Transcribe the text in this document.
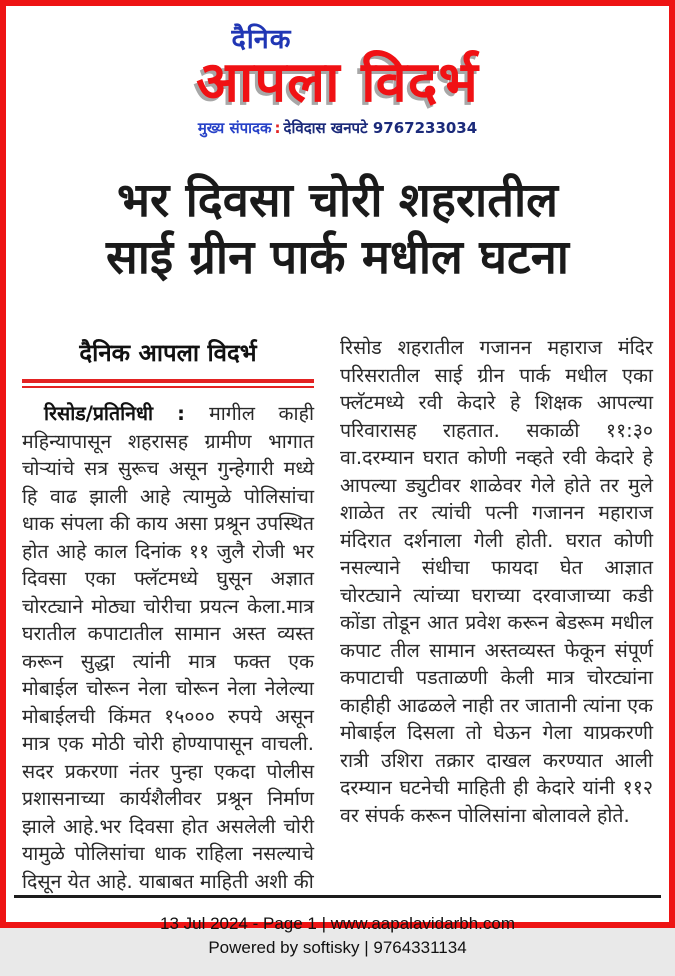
दैनिक
आपला विदर्भ
मुख्य संपादक : देविदास खनपटे 9767233034
भर दिवसा चोरी शहरातील
साई ग्रीन पार्क मधील घटना
दैनिक आपला विदर्भ

रिसोड/प्रतिनिधी : मागील काही महिन्यापासून शहरासह ग्रामीण भागात चोऱ्यांचे सत्र सुरूच असून गुन्हेगारी मध्ये हि वाढ झाली आहे त्यामुळे पोलिसांचा धाक संपला की काय असा प्रश्रून उपस्थित होत आहे काल दिनांक ११ जुलै रोजी भर दिवसा एका फ्लॅटमध्ये घुसून अज्ञात चोरट्याने मोठ्या चोरीचा प्रयत्न केला.मात्र घरातील कपाटातील सामान अस्त व्यस्त करून सुद्धा त्यांनी मात्र फक्त एक मोबाईल चोरून नेला चोरून नेला नेलेल्या मोबाईलची किंमत १५००० रुपये असून मात्र एक मोठी चोरी होण्यापासून वाचली. सदर प्रकरणा नंतर पुन्हा एकदा पोलीस प्रशासनाच्या कार्यशैलीवर प्रश्रून निर्माण झाले आहे.भर दिवसा होत असलेली चोरी यामुळे पोलिसांचा धाक राहिला नसल्याचे दिसून येत आहे. याबाबत माहिती अशी की

रिसोड शहरातील गजानन महाराज मंदिर परिसरातील साई ग्रीन पार्क मधील एका फ्लॅटमध्ये रवी केदारे हे शिक्षक आपल्या परिवारासह राहतात. सकाळी ११:३० वा.दरम्यान घरात कोणी नव्हते रवी केदारे हे आपल्या ड्युटीवर शाळेवर गेले होते तर मुले शाळेत तर त्यांची पत्नी गजानन महाराज मंदिरात दर्शनाला गेली होती. घरात कोणी नसल्याने संधीचा फायदा घेत आज्ञात चोरट्याने त्यांच्या घराच्या दरवाजाच्या कडी कोंडा तोडून आत प्रवेश करून बेडरूम मधील कपाट तील सामान अस्तव्यस्त फेकून संपूर्ण कपाटाची पडताळणी केली मात्र चोरट्यांना काहीही आढळले नाही तर जातानी त्यांना एक मोबाईल दिसला तो घेऊन गेला याप्रकरणी रात्री उशिरा तक्रार दाखल करण्यात आली दरम्यान घटनेची माहिती ही केदारे यांनी ११२ वर संपर्क करून पोलिसांना बोलावले होते.

13 Jul 2024 - Page 1 | www.aapalavidarbh.com
Powered by softisky | 9764331134
